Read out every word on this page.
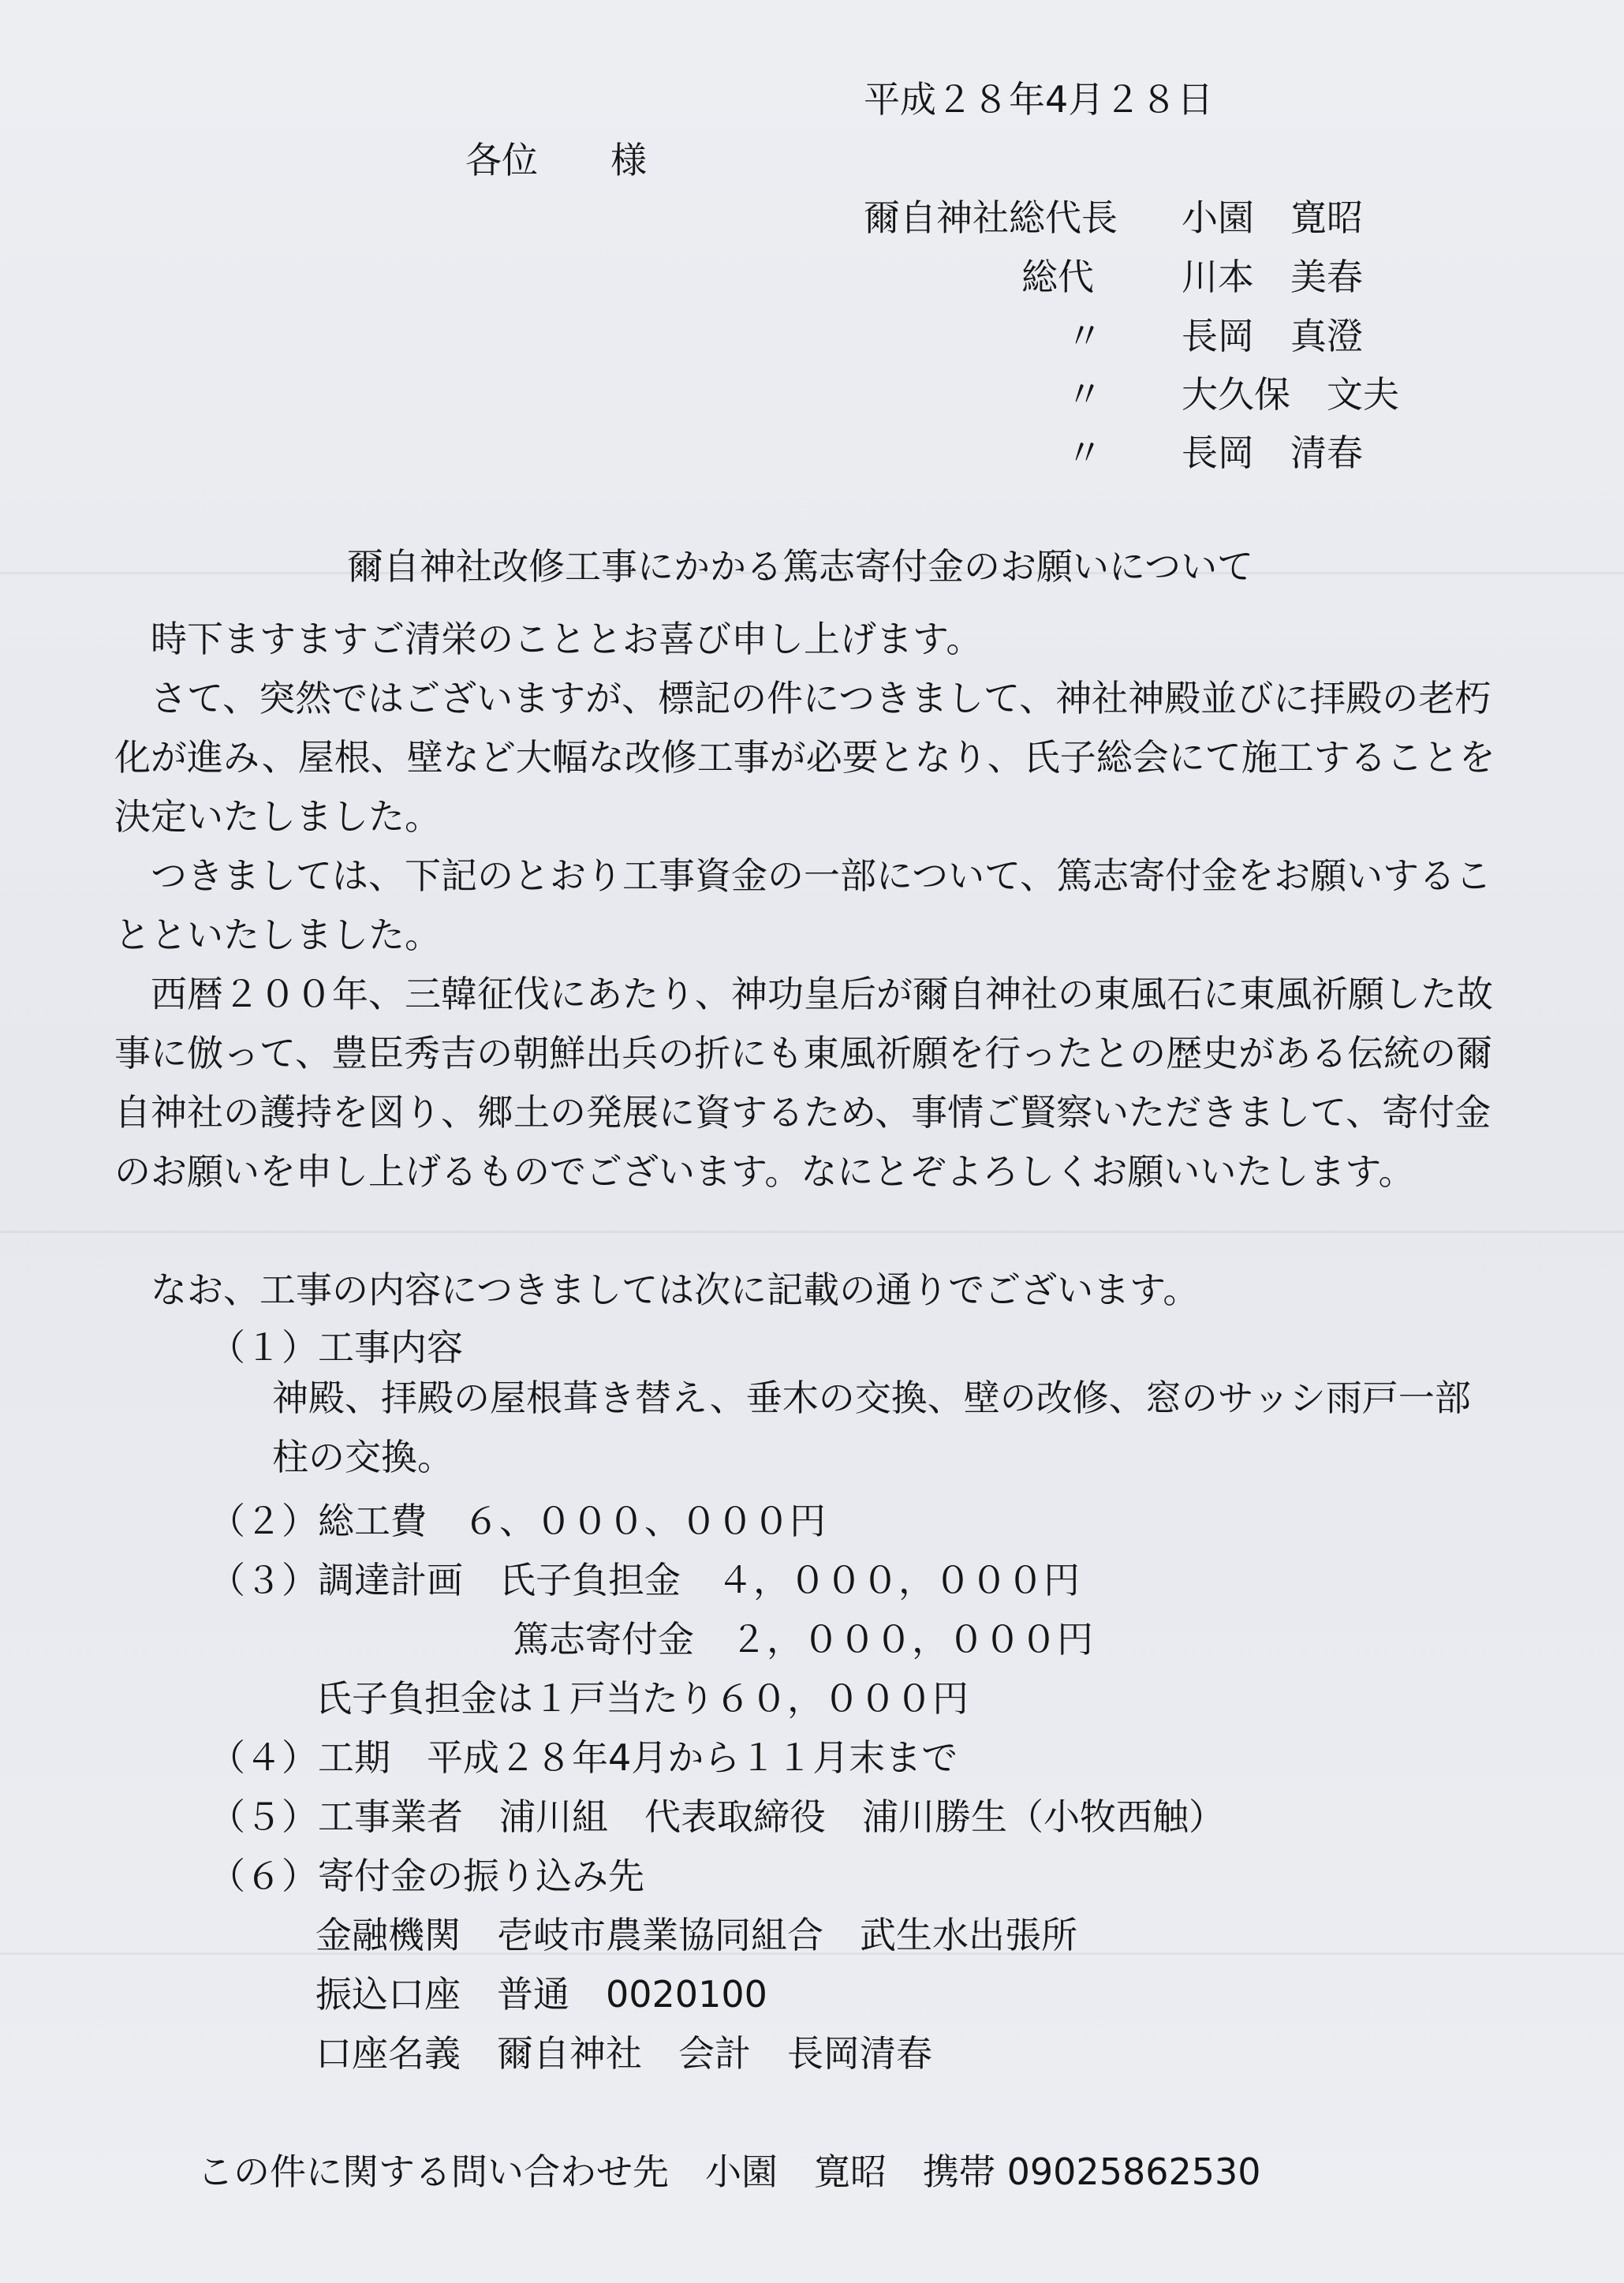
平成２８年4月２８日
各位　　様
爾自神社総代長 小園　寛昭
総代 川本　美春
〃 長岡　真澄
〃 大久保　文夫
〃 長岡　清春
爾自神社改修工事にかかる篤志寄付金のお願いについて

時下ますますご清栄のこととお喜び申し上げます。

さて、突然ではございますが、標記の件につきまして、神社神殿並びに拝殿の老朽化が進み、屋根、壁など大幅な改修工事が必要となり、氏子総会にて施工することを決定いたしました。

つきましては、下記のとおり工事資金の一部について、篤志寄付金をお願いすることといたしました。

西暦２００年、三韓征伐にあたり、神功皇后が爾自神社の東風石に東風祈願した故事に倣って、豊臣秀吉の朝鮮出兵の折にも東風祈願を行ったとの歴史がある伝統の爾自神社の護持を図り、郷土の発展に資するため、事情ご賢察いただきまして、寄付金のお願いを申し上げるものでございます。なにとぞよろしくお願いいたします。

なお、工事の内容につきましては次に記載の通りでございます。

（１）工事内容

神殿、拝殿の屋根葺き替え、垂木の交換、壁の改修、窓のサッシ雨戸一部柱の交換。

（２）総工費　６、０００、０００円
（３）調達計画　氏子負担金　４，０００，０００円
篤志寄付金　２，０００，０００円
氏子負担金は１戸当たり６０，０００円
（４）工期　平成２８年4月から１１月末まで
（５）工事業者　浦川組　代表取締役　浦川勝生（小牧西触）
（６）寄付金の振り込み先
金融機関　壱岐市農業協同組合　武生水出張所
振込口座　普通　0020100
口座名義　爾自神社　会計　長岡清春
この件に関する問い合わせ先　小園　寛昭　携帯 09025862530
